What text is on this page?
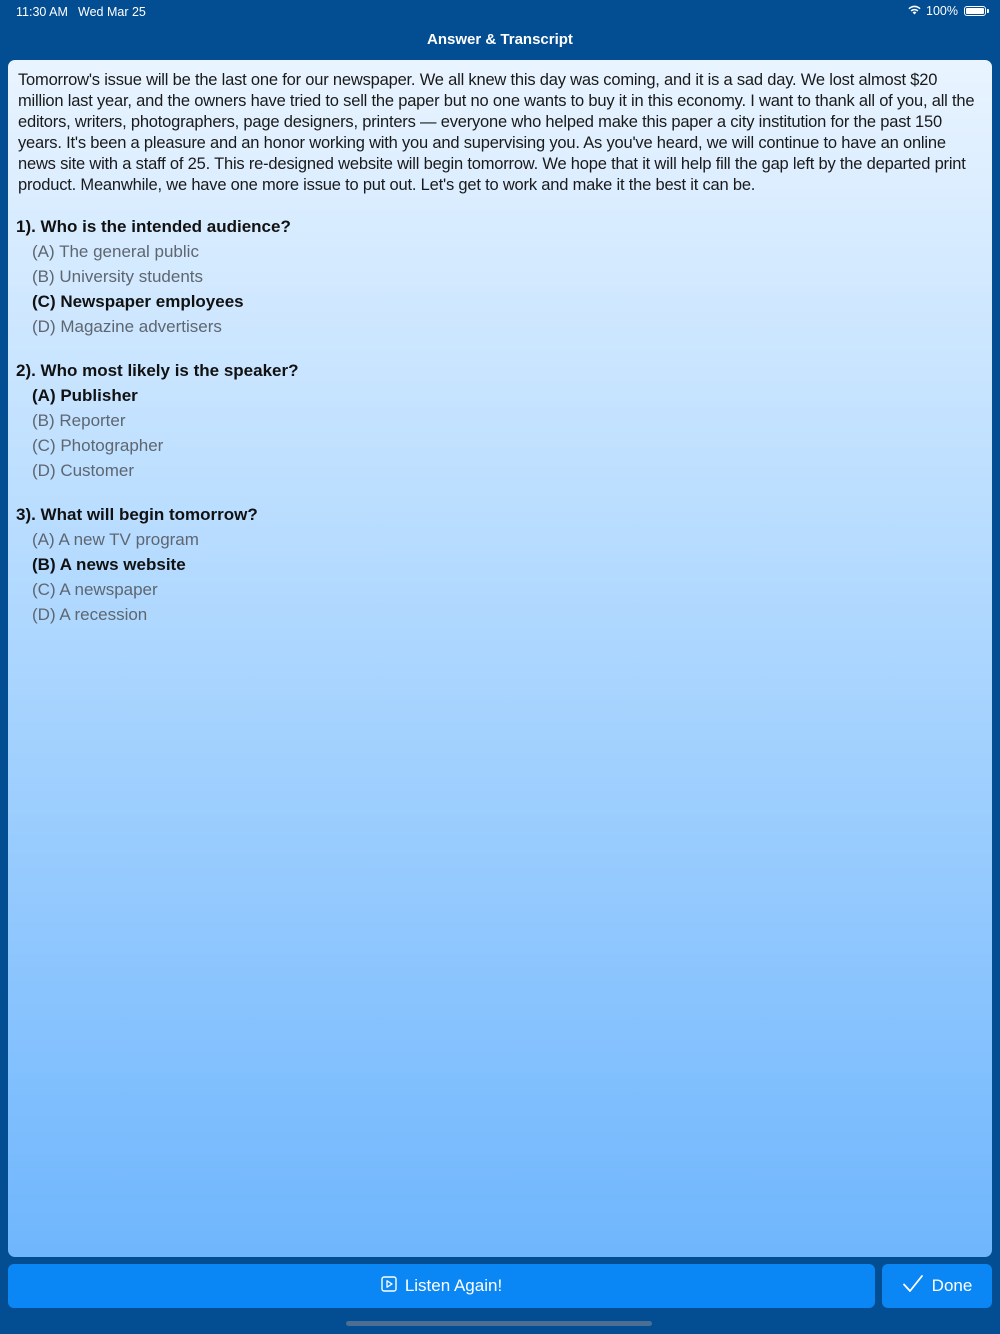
11:30 AM Wed Mar 25	100%
Answer & Transcript

Tomorrow's issue will be the last one for our newspaper. We all knew this day was coming, and it is a sad day. We lost almost $20 million last year, and the owners have tried to sell the paper but no one wants to buy it in this economy. I want to thank all of you, all the editors, writers, photographers, page designers, printers — everyone who helped make this paper a city institution for the past 150 years. It's been a pleasure and an honor working with you and supervising you. As you've heard, we will continue to have an online news site with a staff of 25. This re-designed website will begin tomorrow. We hope that it will help fill the gap left by the departed print product. Meanwhile, we have one more issue to put out. Let's get to work and make it the best it can be.

1). Who is the intended audience?
(A) The general public
(B) University students
(C) Newspaper employees
(D) Magazine advertisers
2). Who most likely is the speaker?
(A) Publisher
(B) Reporter
(C) Photographer
(D) Customer
3). What will begin tomorrow?
(A) A new TV program
(B) A news website
(C) A newspaper
(D) A recession
Listen Again!	Done
